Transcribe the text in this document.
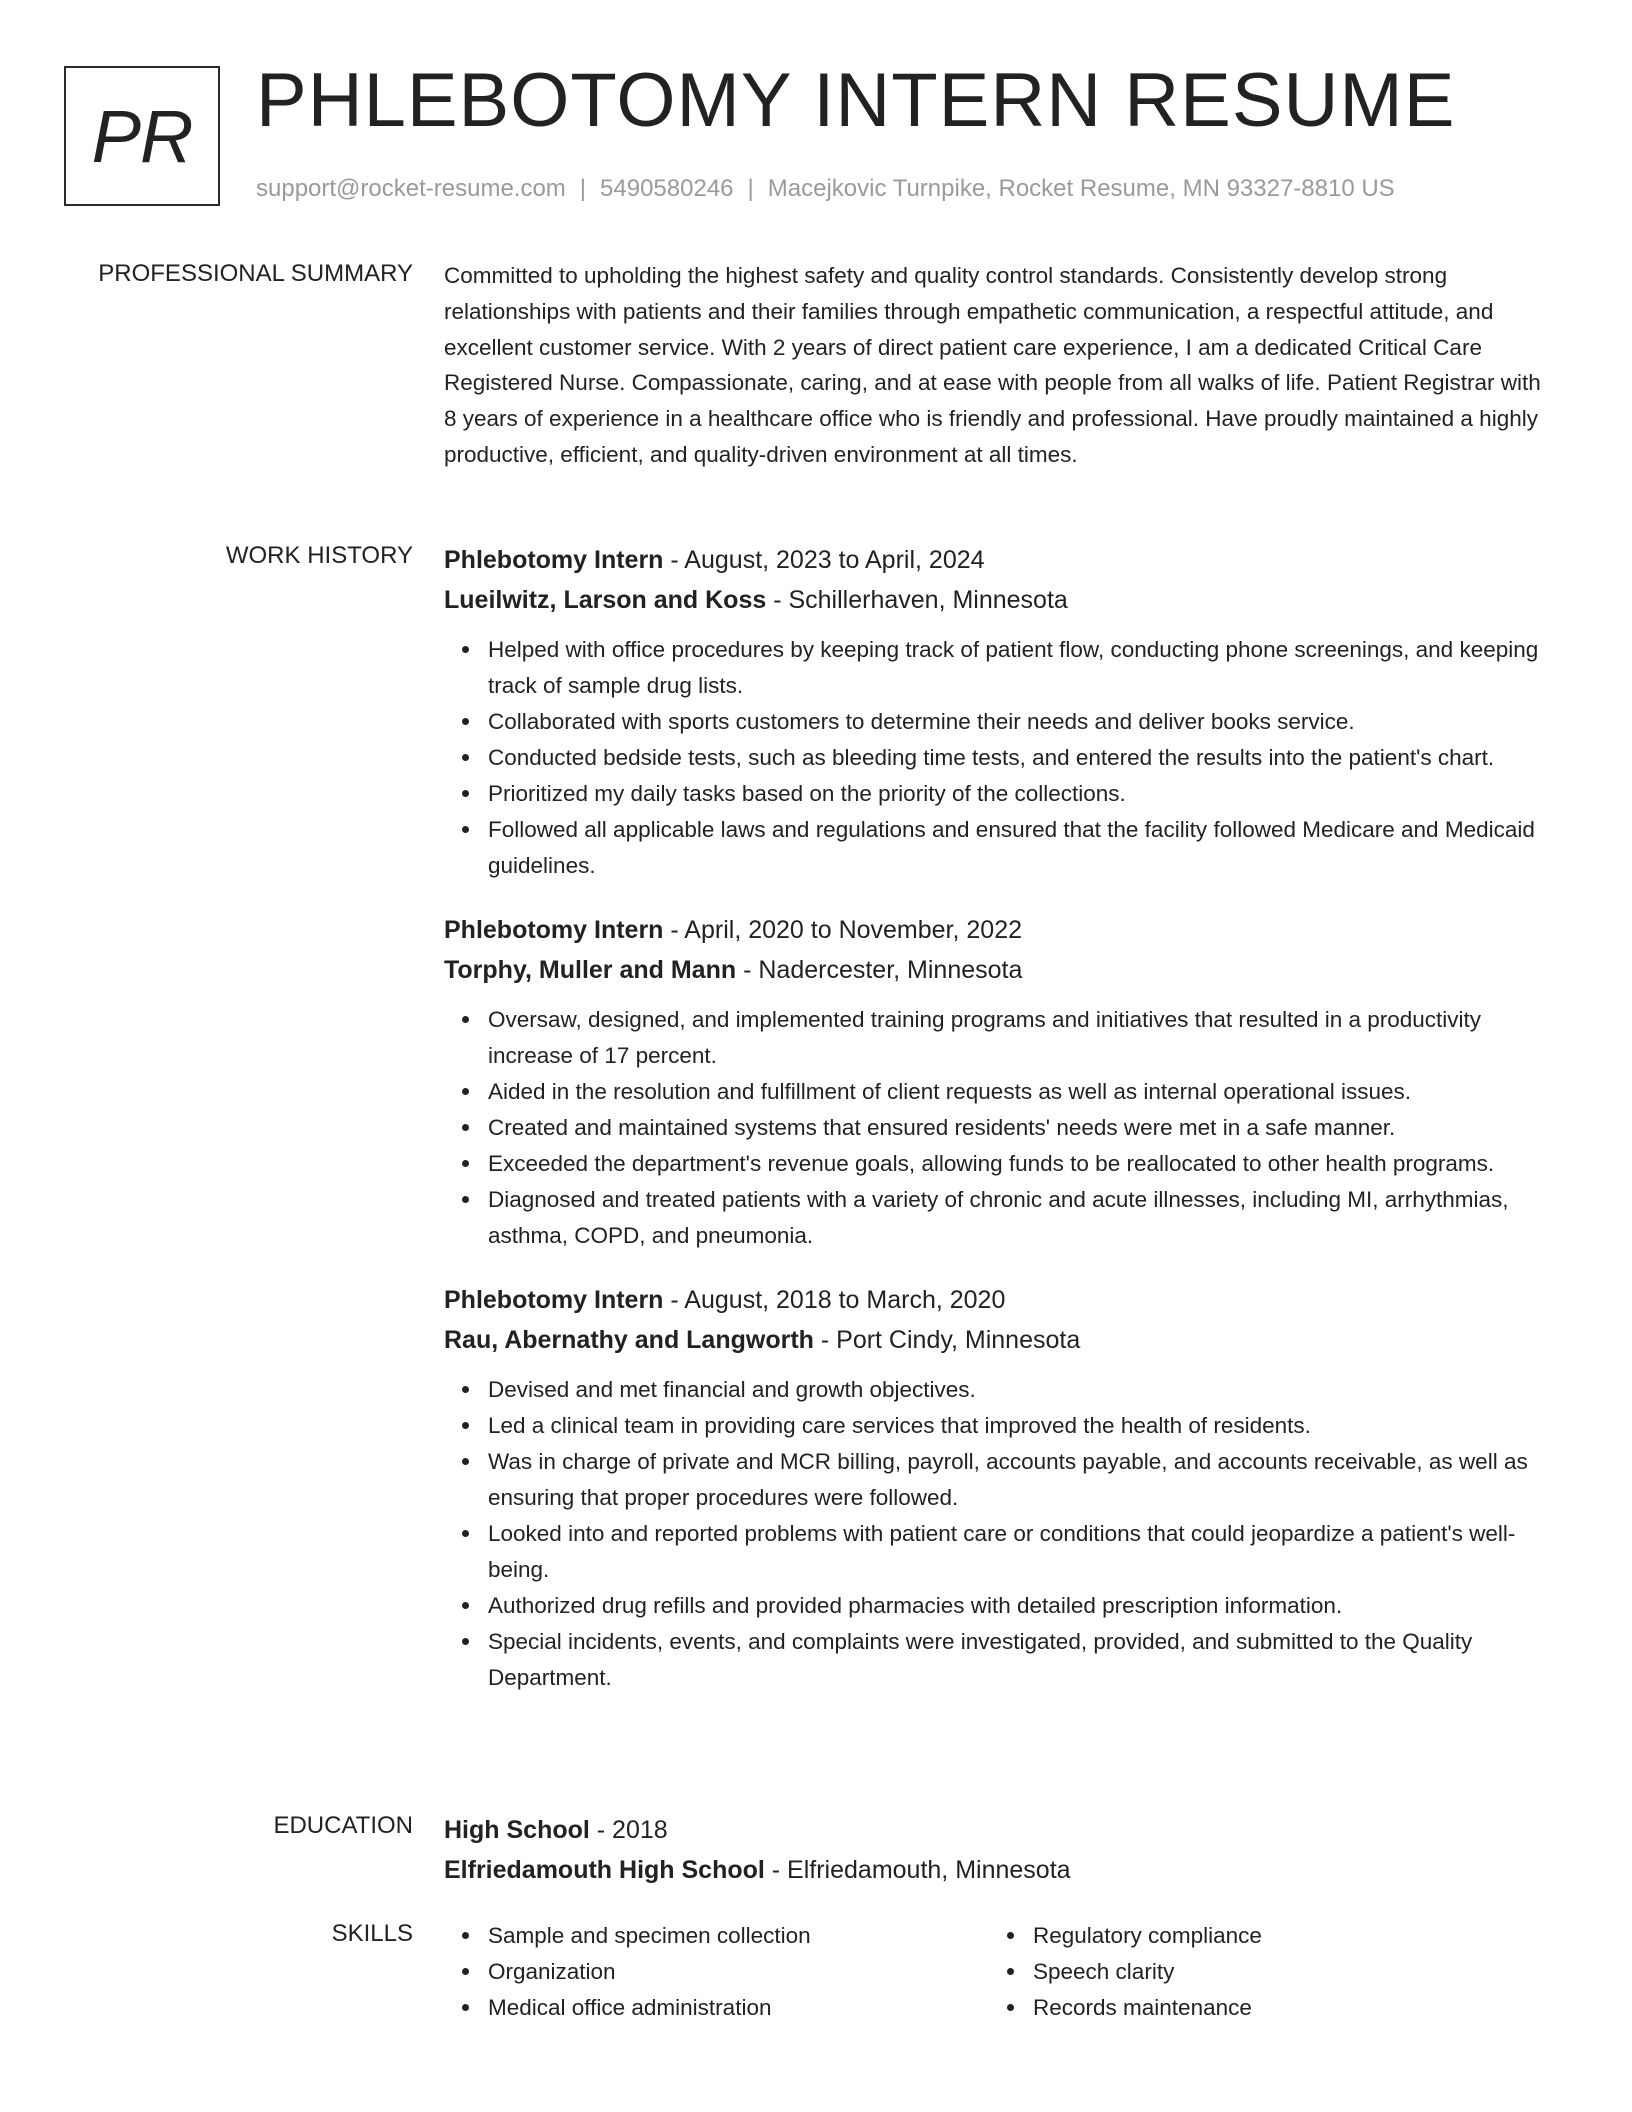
PR PHLEBOTOMY INTERN RESUME
support@rocket-resume.com | 5490580246 | Macejkovic Turnpike, Rocket Resume, MN 93327-8810 US
PROFESSIONAL SUMMARY Committed to upholding the highest safety and quality control standards. Consistently develop strong relationships with patients and their families through empathetic communication, a respectful attitude, and excellent customer service. With 2 years of direct patient care experience, I am a dedicated Critical Care Registered Nurse. Compassionate, caring, and at ease with people from all walks of life. Patient Registrar with 8 years of experience in a healthcare office who is friendly and professional. Have proudly maintained a highly productive, efficient, and quality-driven environment at all times.

WORK HISTORY Phlebotomy Intern - August, 2023 to April, 2024
Lueilwitz, Larson and Koss - Schillerhaven, Minnesota
Helped with office procedures by keeping track of patient flow, conducting phone screenings, and keeping track of sample drug lists.
Collaborated with sports customers to determine their needs and deliver books service.
Conducted bedside tests, such as bleeding time tests, and entered the results into the patient's chart.
Prioritized my daily tasks based on the priority of the collections.
Followed all applicable laws and regulations and ensured that the facility followed Medicare and Medicaid guidelines.
Phlebotomy Intern - April, 2020 to November, 2022
Torphy, Muller and Mann - Nadercester, Minnesota
Oversaw, designed, and implemented training programs and initiatives that resulted in a productivity increase of 17 percent.
Aided in the resolution and fulfillment of client requests as well as internal operational issues.
Created and maintained systems that ensured residents' needs were met in a safe manner.
Exceeded the department's revenue goals, allowing funds to be reallocated to other health programs.
Diagnosed and treated patients with a variety of chronic and acute illnesses, including MI, arrhythmias, asthma, COPD, and pneumonia.
Phlebotomy Intern - August, 2018 to March, 2020
Rau, Abernathy and Langworth - Port Cindy, Minnesota
Devised and met financial and growth objectives.
Led a clinical team in providing care services that improved the health of residents.
Was in charge of private and MCR billing, payroll, accounts payable, and accounts receivable, as well as ensuring that proper procedures were followed.
Looked into and reported problems with patient care or conditions that could jeopardize a patient's well-being.
Authorized drug refills and provided pharmacies with detailed prescription information.
Special incidents, events, and complaints were investigated, provided, and submitted to the Quality Department.
EDUCATION High School - 2018
Elfriedamouth High School - Elfriedamouth, Minnesota
SKILLS	Sample and specimen collection
Organization
Medical office administration
Regulatory compliance
Speech clarity
Records maintenance
